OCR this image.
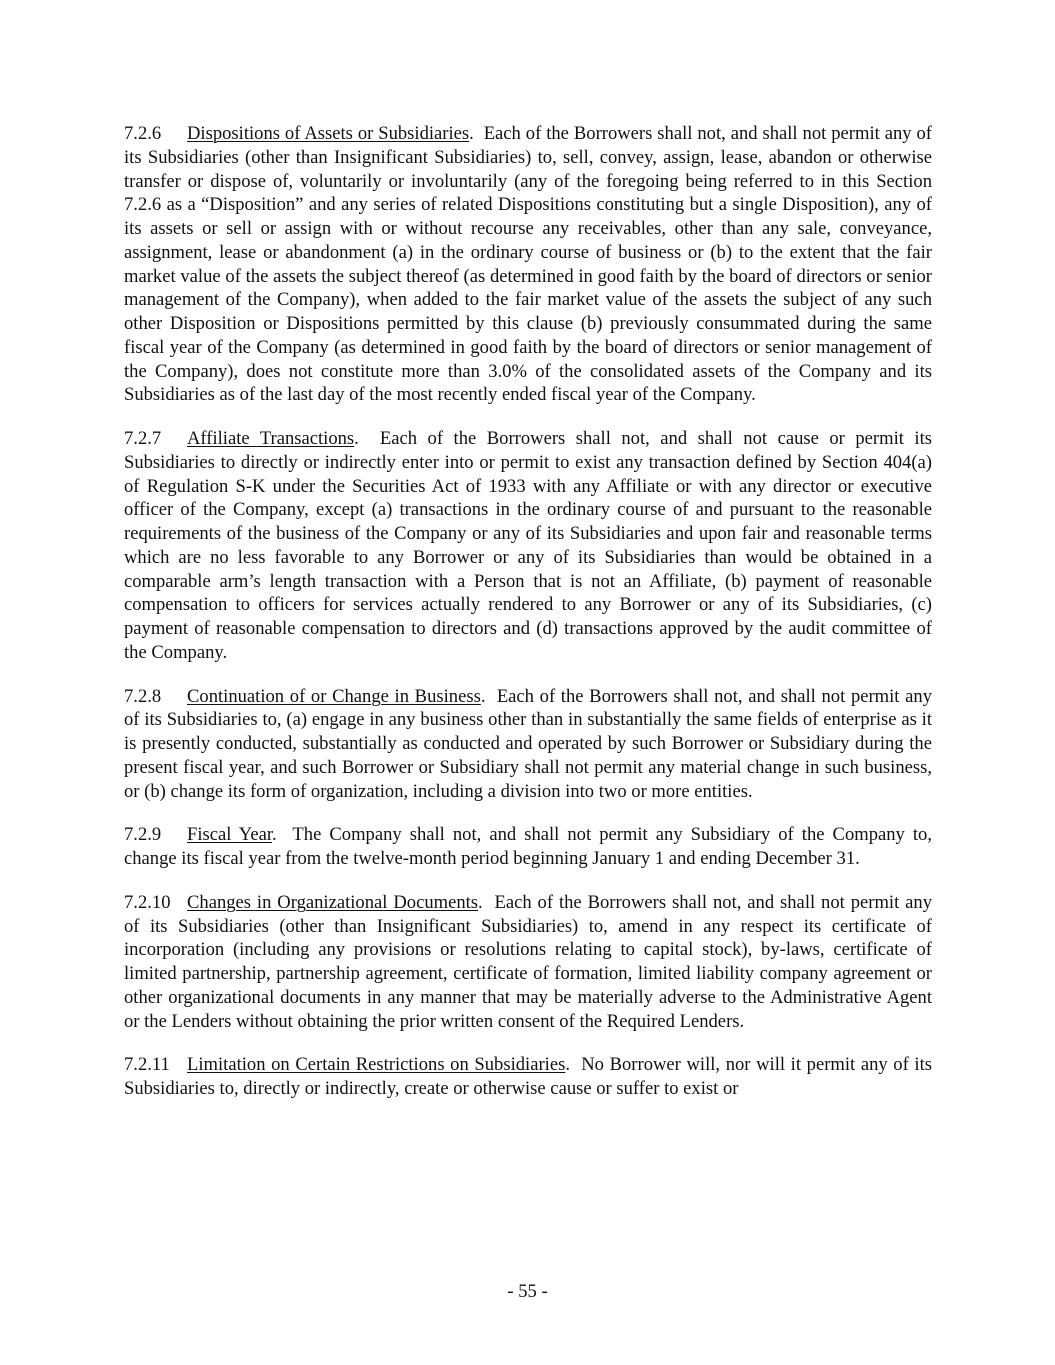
7.2.6 Dispositions of Assets or Subsidiaries.  Each of the Borrowers shall not, and shall not permit any of its Subsidiaries (other than Insignificant Subsidiaries) to, sell, convey, assign, lease, abandon or otherwise transfer or dispose of, voluntarily or involuntarily (any of the foregoing being referred to in this Section 7.2.6 as a “Disposition” and any series of related Dispositions constituting but a single Disposition), any of its assets or sell or assign with or without recourse any receivables, other than any sale, conveyance, assignment, lease or abandonment (a) in the ordinary course of business or (b) to the extent that the fair market value of the assets the subject thereof (as determined in good faith by the board of directors or senior management of the Company), when added to the fair market value of the assets the subject of any such other Disposition or Dispositions permitted by this clause (b) previously consummated during the same fiscal year of the Company (as determined in good faith by the board of directors or senior management of the Company), does not constitute more than 3.0% of the consolidated assets of the Company and its Subsidiaries as of the last day of the most recently ended fiscal year of the Company.

7.2.7 Affiliate Transactions.  Each of the Borrowers shall not, and shall not cause or permit its Subsidiaries to directly or indirectly enter into or permit to exist any transaction defined by Section 404(a) of Regulation S-K under the Securities Act of 1933 with any Affiliate or with any director or executive officer of the Company, except (a) transactions in the ordinary course of and pursuant to the reasonable requirements of the business of the Company or any of its Subsidiaries and upon fair and reasonable terms which are no less favorable to any Borrower or any of its Subsidiaries than would be obtained in a comparable arm’s length transaction with a Person that is not an Affiliate, (b) payment of reasonable compensation to officers for services actually rendered to any Borrower or any of its Subsidiaries, (c) payment of reasonable compensation to directors and (d) transactions approved by the audit committee of the Company.

7.2.8 Continuation of or Change in Business.  Each of the Borrowers shall not, and shall not permit any of its Subsidiaries to, (a) engage in any business other than in substantially the same fields of enterprise as it is presently conducted, substantially as conducted and operated by such Borrower or Subsidiary during the present fiscal year, and such Borrower or Subsidiary shall not permit any material change in such business, or (b) change its form of organization, including a division into two or more entities.

7.2.9 Fiscal Year.  The Company shall not, and shall not permit any Subsidiary of the Company to, change its fiscal year from the twelve-month period beginning January 1 and ending December 31.

7.2.10 Changes in Organizational Documents.  Each of the Borrowers shall not, and shall not permit any of its Subsidiaries (other than Insignificant Subsidiaries) to, amend in any respect its certificate of incorporation (including any provisions or resolutions relating to capital stock), by-laws, certificate of limited partnership, partnership agreement, certificate of formation, limited liability company agreement or other organizational documents in any manner that may be materially adverse to the Administrative Agent or the Lenders without obtaining the prior written consent of the Required Lenders.

7.2.11 Limitation on Certain Restrictions on Subsidiaries.  No Borrower will, nor will it permit any of its Subsidiaries to, directly or indirectly, create or otherwise cause or suffer to exist or

- 55 -
